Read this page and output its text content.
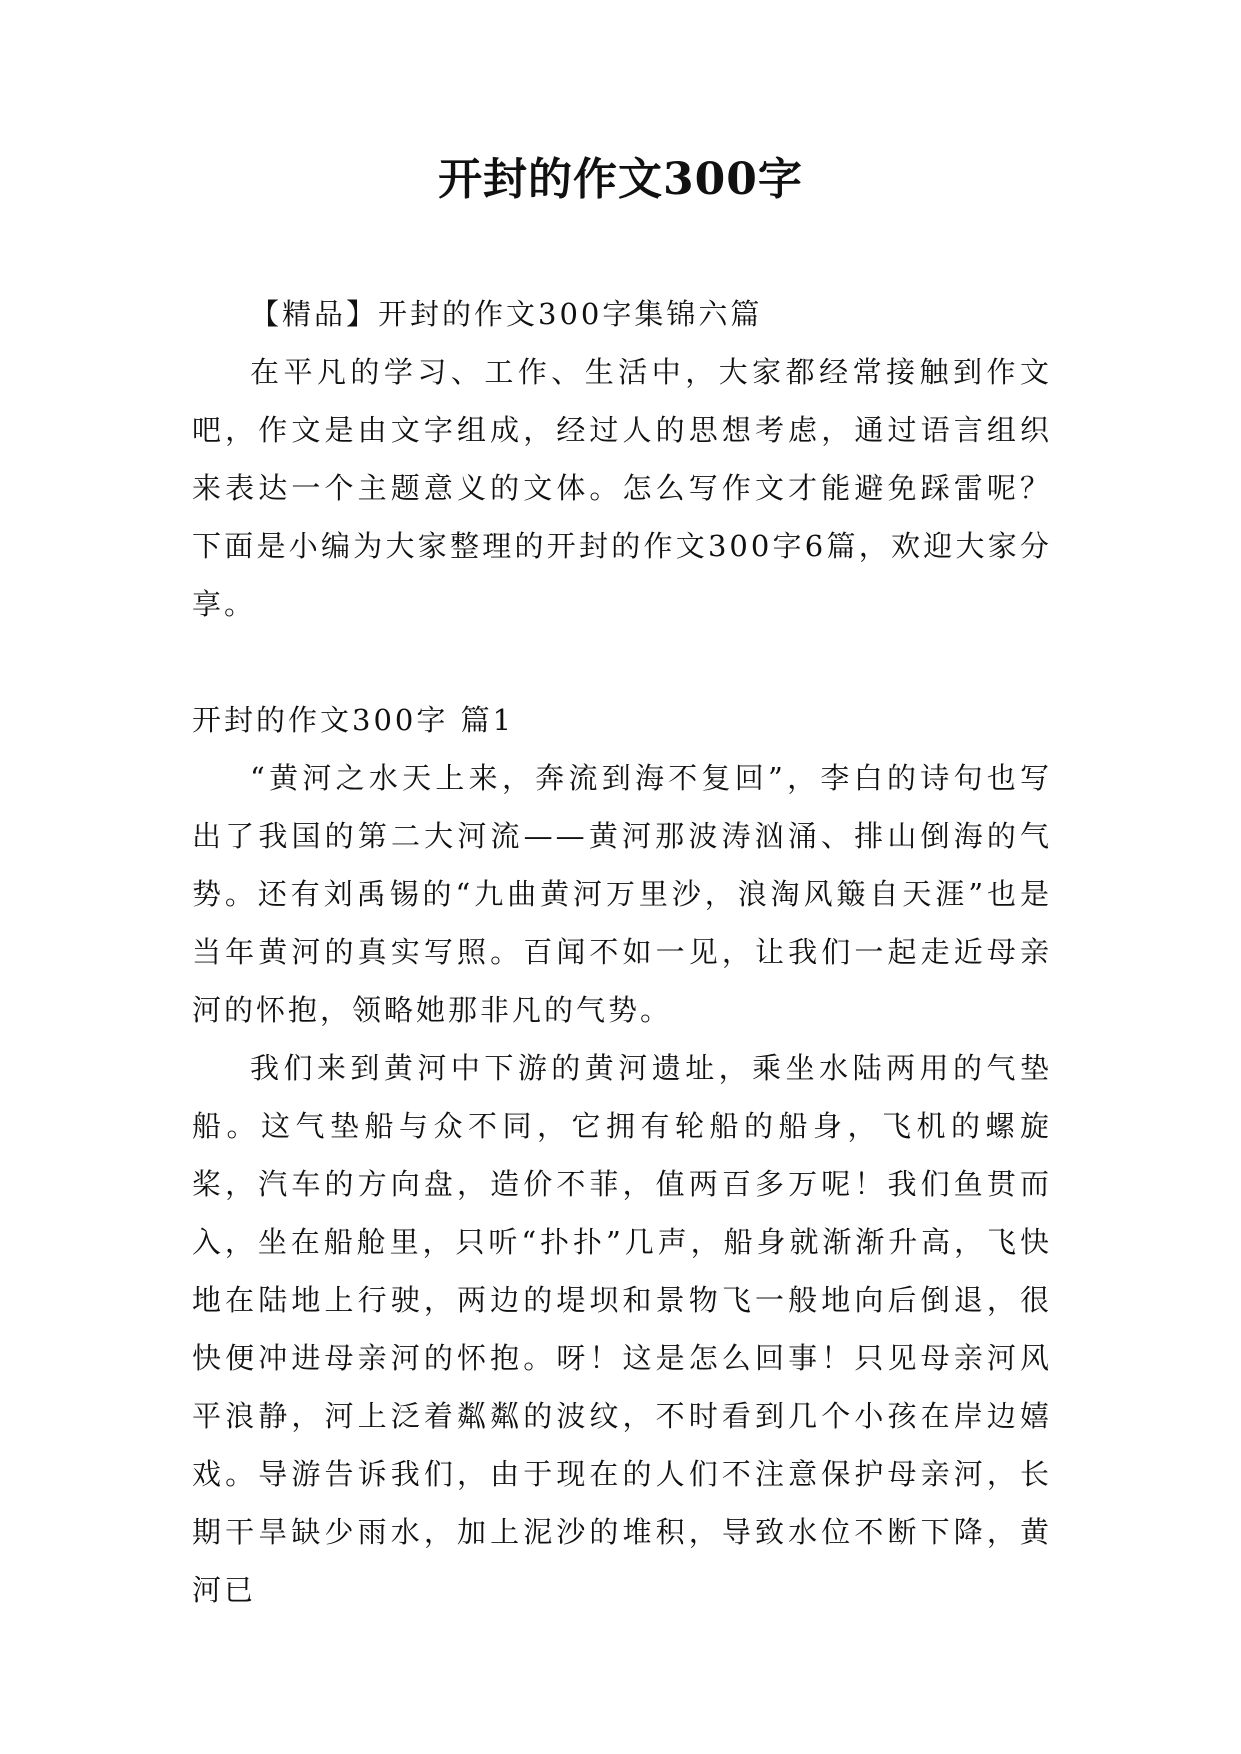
开封的作文300字

【精品】开封的作文300字集锦六篇

在平凡的学习、工作、生活中，大家都经常接触到作文吧，作文是由文字组成，经过人的思想考虑，通过语言组织来表达一个主题意义的文体。怎么写作文才能避免踩雷呢？下面是小编为大家整理的开封的作文300字6篇，欢迎大家分享。

开封的作文300字 篇1

“黄河之水天上来，奔流到海不复回”，李白的诗句也写出了我国的第二大河流——黄河那波涛汹涌、排山倒海的气势。还有刘禹锡的“九曲黄河万里沙，浪淘风簸自天涯”也是当年黄河的真实写照。百闻不如一见，让我们一起走近母亲河的怀抱，领略她那非凡的气势。

我们来到黄河中下游的黄河遗址，乘坐水陆两用的气垫船。这气垫船与众不同，它拥有轮船的船身，飞机的螺旋桨，汽车的方向盘，造价不菲，值两百多万呢！我们鱼贯而入，坐在船舱里，只听“扑扑”几声，船身就渐渐升高，飞快地在陆地上行驶，两边的堤坝和景物飞一般地向后倒退，很快便冲进母亲河的怀抱。呀！这是怎么回事！只见母亲河风平浪静，河上泛着粼粼的波纹，不时看到几个小孩在岸边嬉戏。导游告诉我们，由于现在的人们不注意保护母亲河，长期干旱缺少雨水，加上泥沙的堆积，导致水位不断下降，黄河已
